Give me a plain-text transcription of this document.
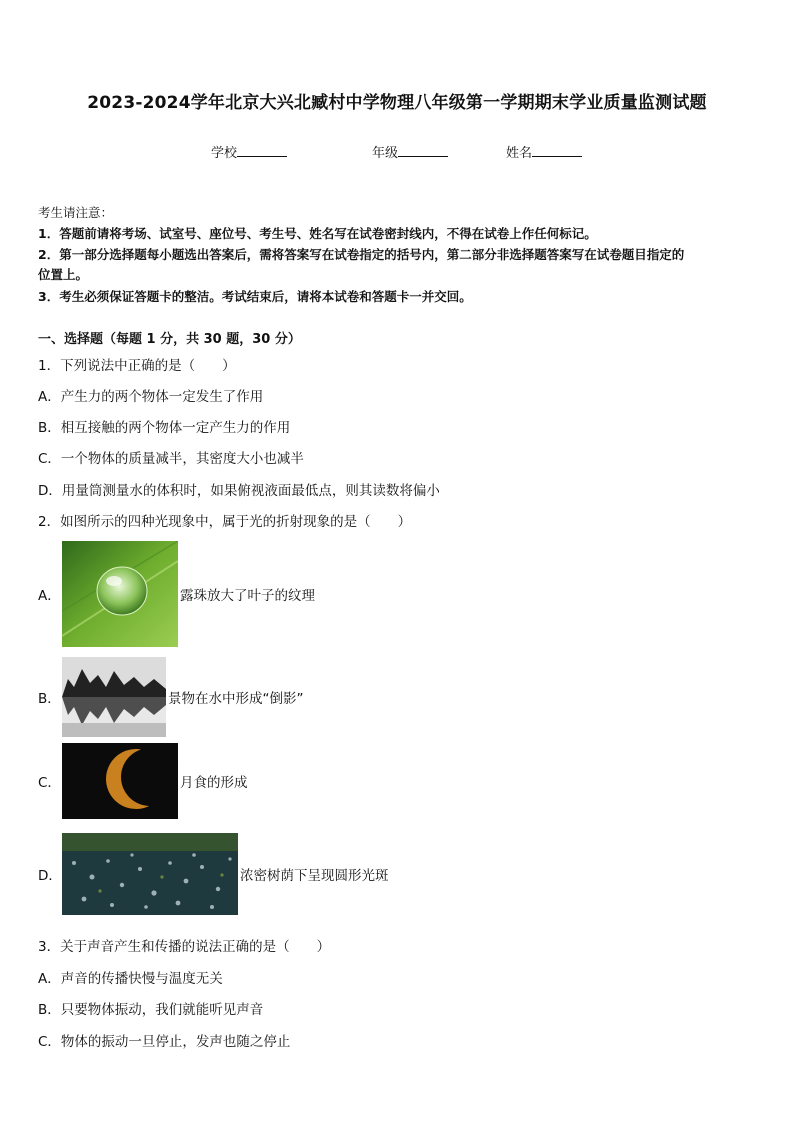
2023-2024学年北京大兴北臧村中学物理八年级第一学期期末学业质量监测试题
学校	年级	姓名
考生请注意：
1．答题前请将考场、试室号、座位号、考生号、姓名写在试卷密封线内，不得在试卷上作任何标记。
2．第一部分选择题每小题选出答案后，需将答案写在试卷指定的括号内，第二部分非选择题答案写在试卷题目指定的
位置上。
3．考生必须保证答题卡的整洁。考试结束后，请将本试卷和答题卡一并交回。
一、选择题（每题 1 分，共 30 题，30 分）
1．下列说法中正确的是（　　）
A．产生力的两个物体一定发生了作用
B．相互接触的两个物体一定产生力的作用
C．一个物体的质量减半，其密度大小也减半
D．用量筒测量水的体积时，如果俯视液面最低点，则其读数将偏小
2．如图所示的四种光现象中，属于光的折射现象的是（　　）
A．	露珠放大了叶子的纹理
B．	景物在水中形成“倒影”
C．	月食的形成
D．	浓密树荫下呈现圆形光斑
3．关于声音产生和传播的说法正确的是（　　）
A．声音的传播快慢与温度无关
B．只要物体振动，我们就能听见声音
C．物体的振动一旦停止，发声也随之停止
